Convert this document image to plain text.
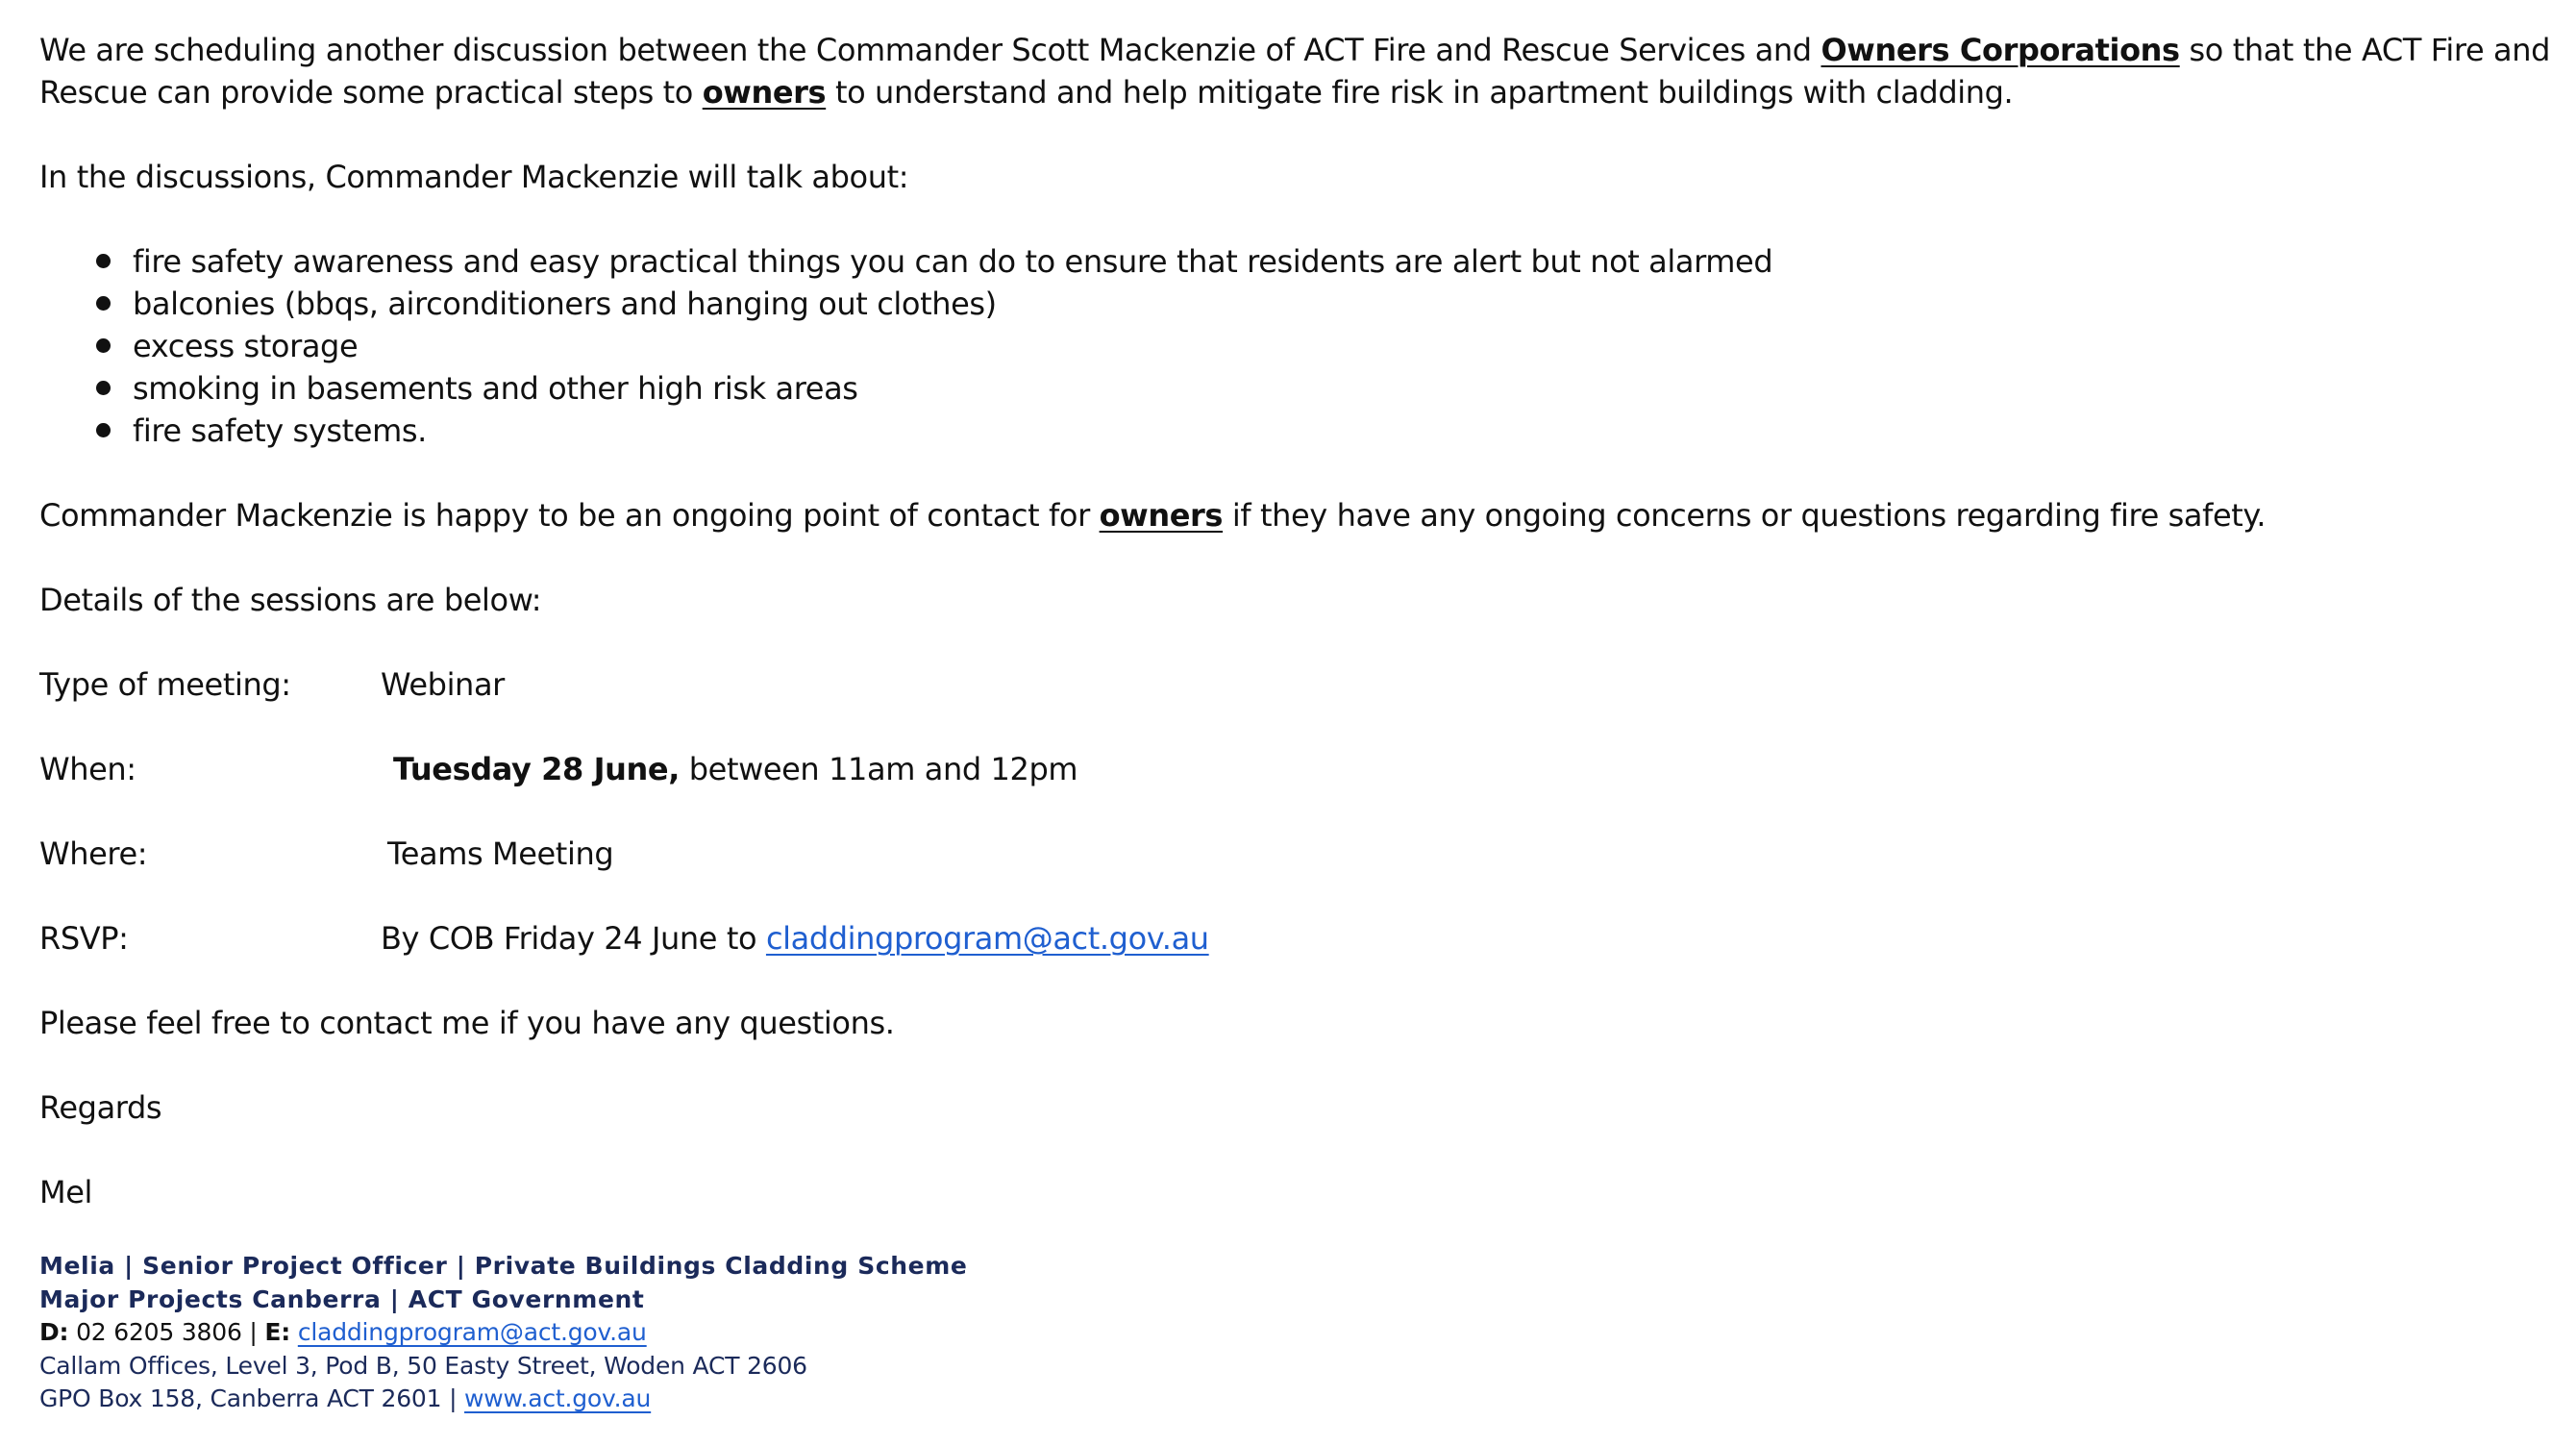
We are scheduling another discussion between the Commander Scott Mackenzie of ACT Fire and Rescue Services and Owners Corporations so that the ACT Fire and Rescue can provide some practical steps to owners to understand and help mitigate fire risk in apartment buildings with cladding.

In the discussions, Commander Mackenzie will talk about:

fire safety awareness and easy practical things you can do to ensure that residents are alert but not alarmed
balconies (bbqs, airconditioners and hanging out clothes)
excess storage
smoking in basements and other high risk areas
fire safety systems.

Commander Mackenzie is happy to be an ongoing point of contact for owners if they have any ongoing concerns or questions regarding fire safety.

Details of the sessions are below:

Type of meeting:	Webinar
When:	Tuesday 28 June, between 11am and 12pm
Where:	Teams Meeting
RSVP:	By COB Friday 24 June to claddingprogram@act.gov.au

Please feel free to contact me if you have any questions.

Regards

Mel

Melia | Senior Project Officer | Private Buildings Cladding Scheme
Major Projects Canberra | ACT Government
D: 02 6205 3806 | E: claddingprogram@act.gov.au
Callam Offices, Level 3, Pod B, 50 Easty Street, Woden ACT 2606
GPO Box 158, Canberra ACT 2601 | www.act.gov.au
